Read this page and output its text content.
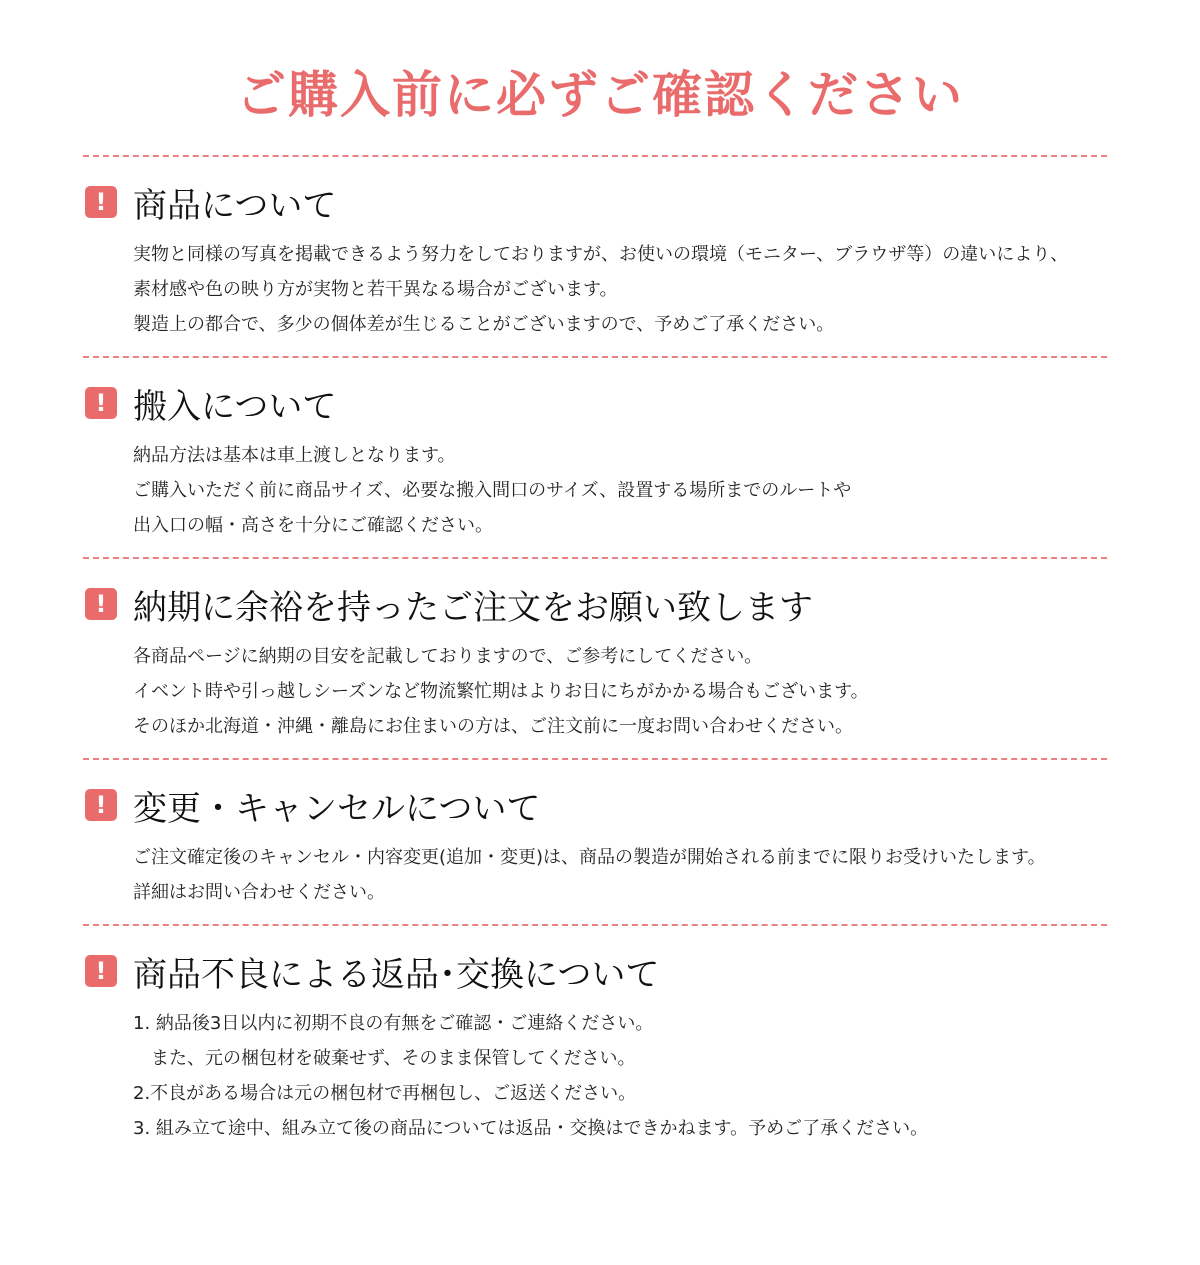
ご購入前に必ずご確認ください
! 商品について
実物と同様の写真を掲載できるよう努力をしておりますが、お使いの環境（モニター、ブラウザ等）の違いにより、
素材感や色の映り方が実物と若干異なる場合がございます。
製造上の都合で、多少の個体差が生じることがございますので、予めご了承ください。
! 搬入について
納品方法は基本は車上渡しとなります。
ご購入いただく前に商品サイズ、必要な搬入間口のサイズ、設置する場所までのルートや
出入口の幅・高さを十分にご確認ください。
! 納期に余裕を持ったご注文をお願い致します
各商品ページに納期の目安を記載しておりますので、ご参考にしてください。
イベント時や引っ越しシーズンなど物流繁忙期はよりお日にちがかかる場合もございます。
そのほか北海道・沖縄・離島にお住まいの方は、ご注文前に一度お問い合わせください。
! 変更・キャンセルについて
ご注文確定後のキャンセル・内容変更(追加・変更)は、商品の製造が開始される前までに限りお受けいたします。
詳細はお問い合わせください。
! 商品不良による返品･交換について
1. 納品後3日以内に初期不良の有無をご確認・ご連絡ください。
また、元の梱包材を破棄せず、そのまま保管してください。
2.不良がある場合は元の梱包材で再梱包し、ご返送ください。
3. 組み立て途中、組み立て後の商品については返品・交換はできかねます。予めご了承ください。
